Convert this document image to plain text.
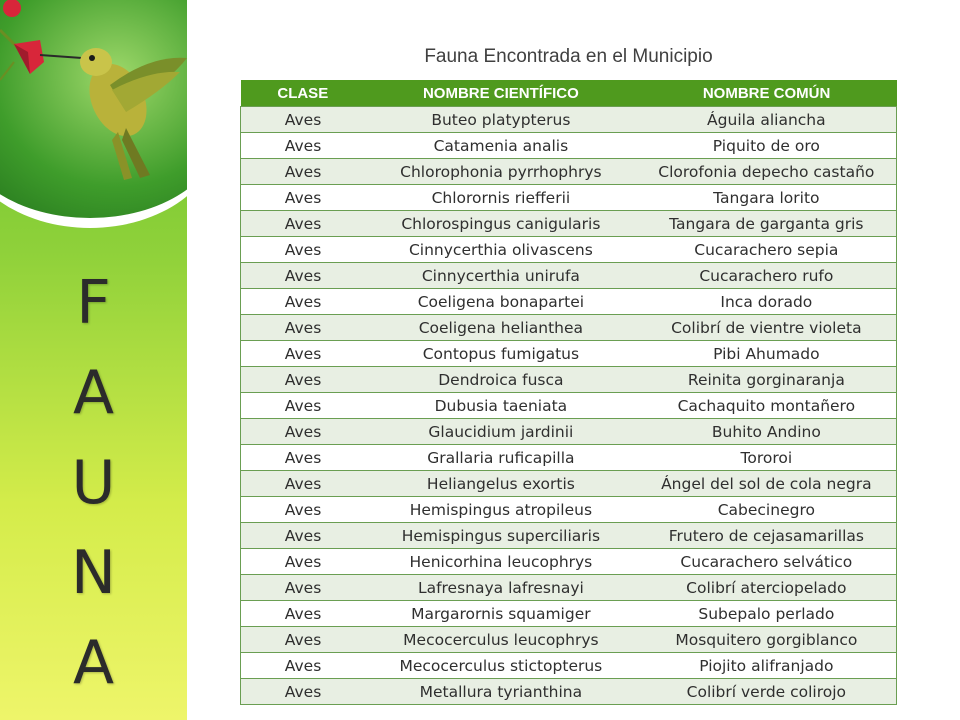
F
A
U
N
A
Fauna Encontrada en el Municipio
CLASE	NOMBRE CIENTÍFICO	NOMBRE COMÚN
Aves	Buteo platypterus	Águila aliancha
Aves	Catamenia analis	Piquito de oro
Aves	Chlorophonia pyrrhophrys	Clorofonia depecho castaño
Aves	Chlorornis riefferii	Tangara lorito
Aves	Chlorospingus canigularis	Tangara de garganta gris
Aves	Cinnycerthia olivascens	Cucarachero sepia
Aves	Cinnycerthia unirufa	Cucarachero rufo
Aves	Coeligena bonapartei	Inca dorado
Aves	Coeligena helianthea	Colibrí de vientre violeta
Aves	Contopus fumigatus	Pibi Ahumado
Aves	Dendroica fusca	Reinita gorginaranja
Aves	Dubusia taeniata	Cachaquito montañero
Aves	Glaucidium jardinii	Buhito Andino
Aves	Grallaria ruficapilla	Tororoi
Aves	Heliangelus exortis	Ángel del sol de cola negra
Aves	Hemispingus atropileus	Cabecinegro
Aves	Hemispingus superciliaris	Frutero de cejasamarillas
Aves	Henicorhina leucophrys	Cucarachero selvático
Aves	Lafresnaya lafresnayi	Colibrí aterciopelado
Aves	Margarornis squamiger	Subepalo perlado
Aves	Mecocerculus leucophrys	Mosquitero gorgiblanco
Aves	Mecocerculus stictopterus	Piojito alifranjado
Aves	Metallura tyrianthina	Colibrí verde colirojo
